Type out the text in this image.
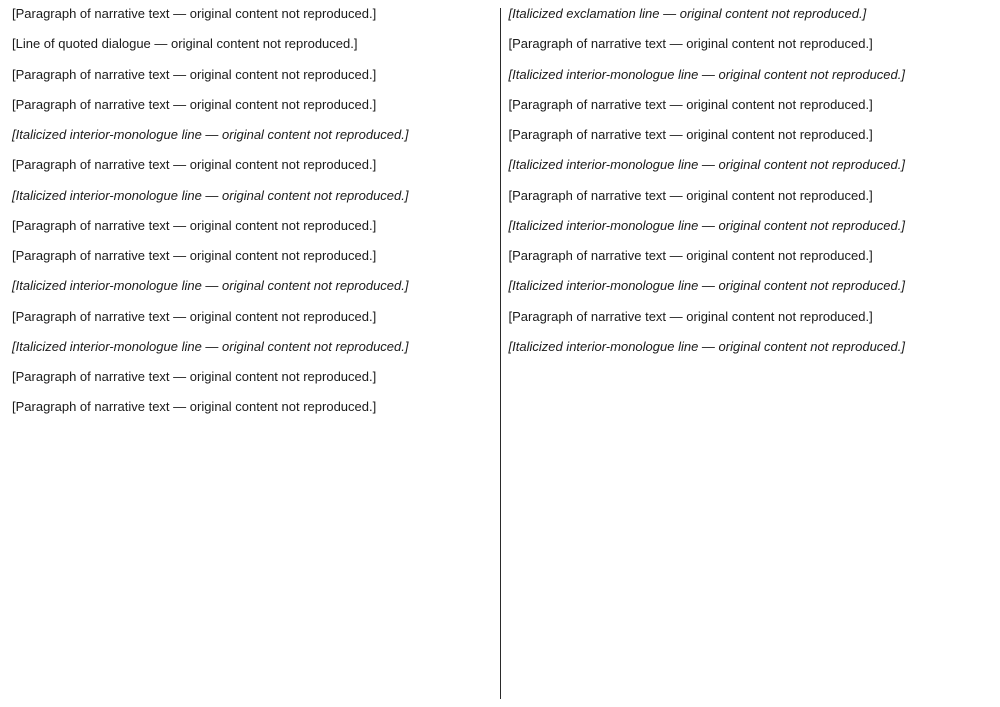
[Paragraph of narrative text — original content not reproduced.]

[Line of quoted dialogue — original content not reproduced.]

[Paragraph of narrative text — original content not reproduced.]

[Paragraph of narrative text — original content not reproduced.]

[Italicized interior-monologue line — original content not reproduced.]

[Paragraph of narrative text — original content not reproduced.]

[Italicized interior-monologue line — original content not reproduced.]

[Paragraph of narrative text — original content not reproduced.]

[Paragraph of narrative text — original content not reproduced.]

[Italicized interior-monologue line — original content not reproduced.]

[Paragraph of narrative text — original content not reproduced.]

[Italicized interior-monologue line — original content not reproduced.]

[Paragraph of narrative text — original content not reproduced.]

[Paragraph of narrative text — original content not reproduced.]

[Italicized exclamation line — original content not reproduced.]

[Paragraph of narrative text — original content not reproduced.]

[Italicized interior-monologue line — original content not reproduced.]

[Paragraph of narrative text — original content not reproduced.]

[Paragraph of narrative text — original content not reproduced.]

[Italicized interior-monologue line — original content not reproduced.]

[Paragraph of narrative text — original content not reproduced.]

[Italicized interior-monologue line — original content not reproduced.]

[Paragraph of narrative text — original content not reproduced.]

[Italicized interior-monologue line — original content not reproduced.]

[Paragraph of narrative text — original content not reproduced.]

[Italicized interior-monologue line — original content not reproduced.]
